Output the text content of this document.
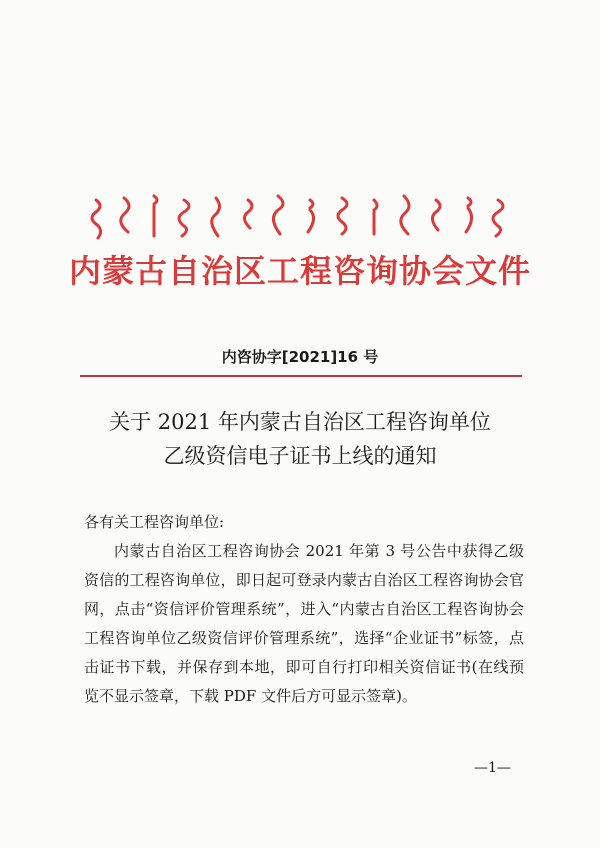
内蒙古自治区工程咨询协会文件
内咨协字[2021]16 号
关于 2021 年内蒙古自治区工程咨询单位
乙级资信电子证书上线的通知

各有关工程咨询单位:

内蒙古自治区工程咨询协会 2021 年第 3 号公告中获得乙级资信的工程咨询单位，即日起可登录内蒙古自治区工程咨询协会官网，点击“资信评价管理系统”，进入“内蒙古自治区工程咨询协会工程咨询单位乙级资信评价管理系统”，选择“企业证书”标签，点击证书下载，并保存到本地，即可自行打印相关资信证书(在线预览不显示签章，下载 PDF 文件后方可显示签章)。

—1—
